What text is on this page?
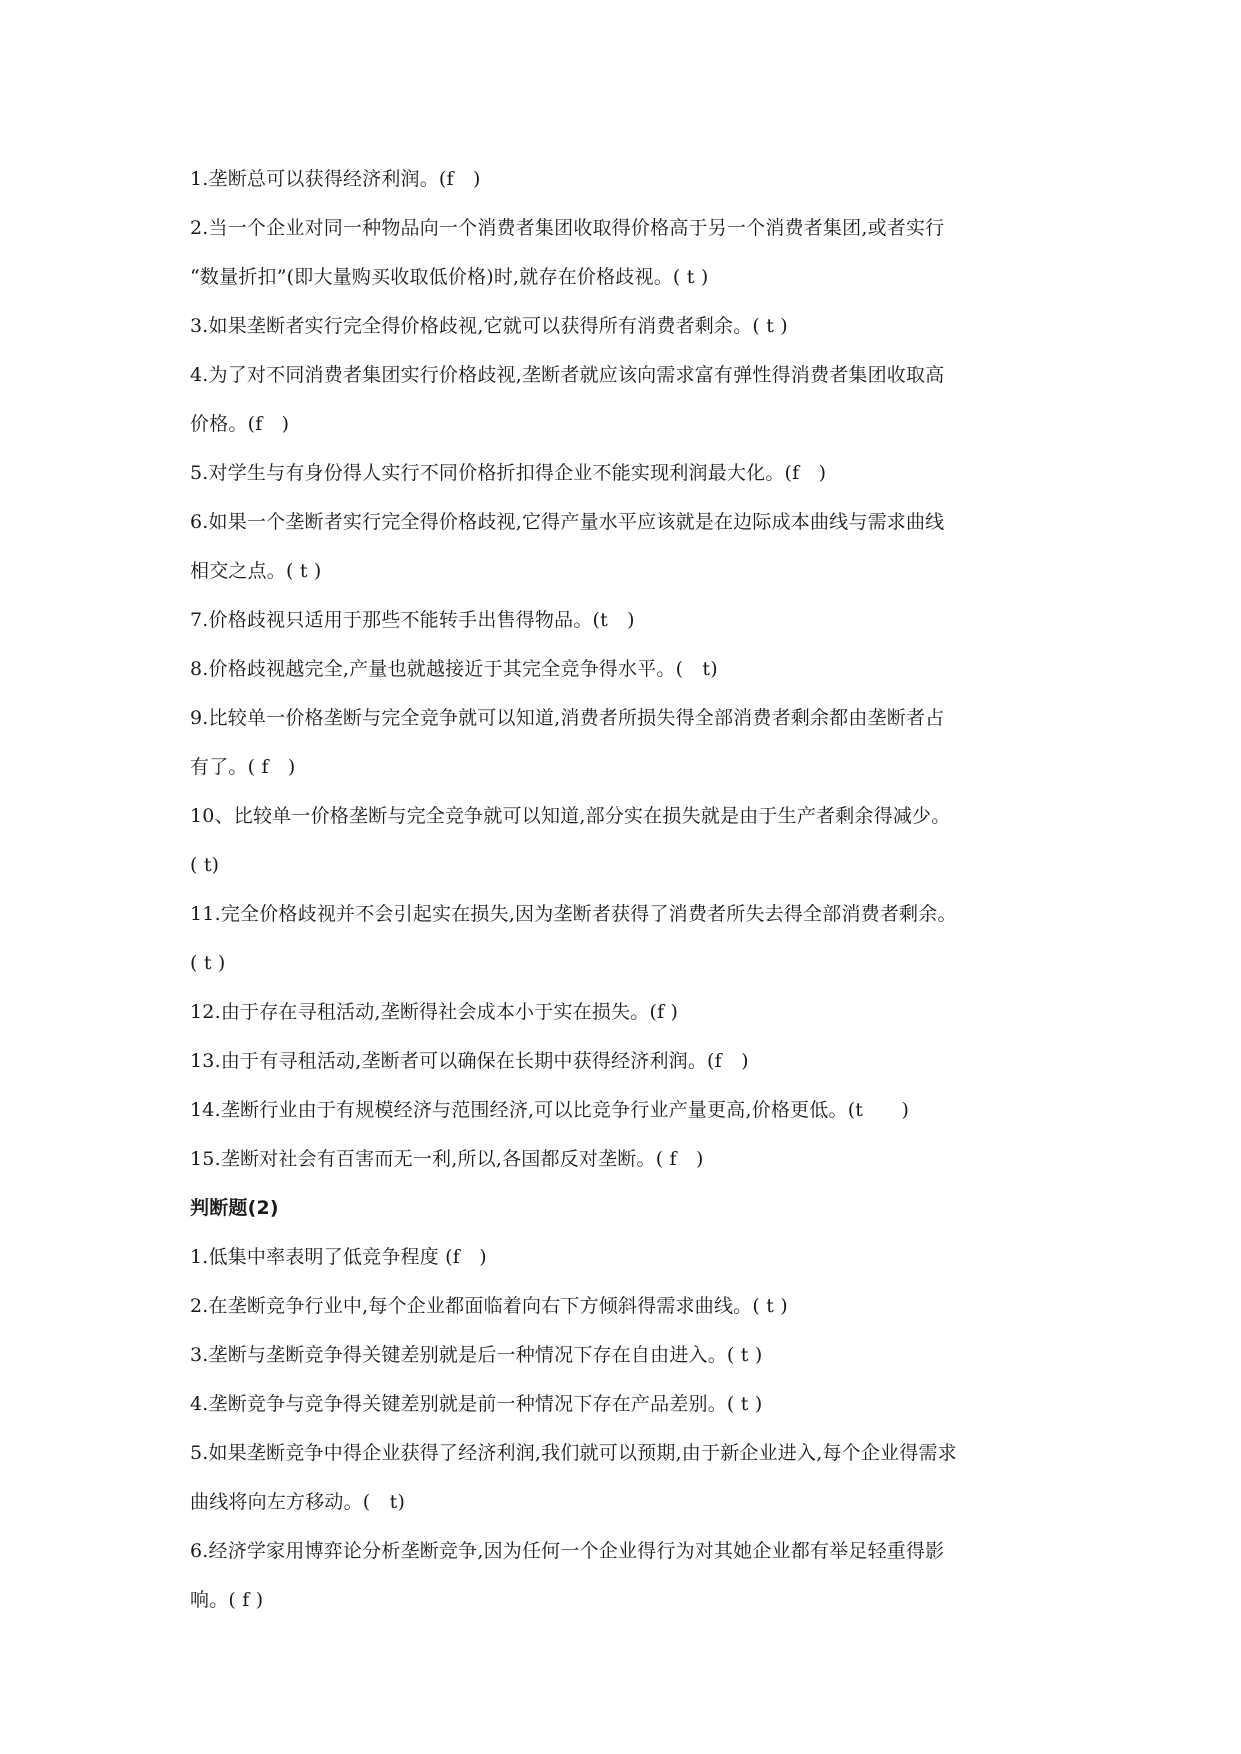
1.垄断总可以获得经济利润。(f　)
2.当一个企业对同一种物品向一个消费者集团收取得价格高于另一个消费者集团,或者实行
“数量折扣”(即大量购买收取低价格)时,就存在价格歧视。( t )
3.如果垄断者实行完全得价格歧视,它就可以获得所有消费者剩余。( t )
4.为了对不同消费者集团实行价格歧视,垄断者就应该向需求富有弹性得消费者集团收取高
价格。(f　)
5.对学生与有身份得人实行不同价格折扣得企业不能实现利润最大化。(f　)
6.如果一个垄断者实行完全得价格歧视,它得产量水平应该就是在边际成本曲线与需求曲线
相交之点。( t )
7.价格歧视只适用于那些不能转手出售得物品。(t　)
8.价格歧视越完全,产量也就越接近于其完全竞争得水平。(　t)
9.比较单一价格垄断与完全竞争就可以知道,消费者所损失得全部消费者剩余都由垄断者占
有了。( f　)
10、比较单一价格垄断与完全竞争就可以知道,部分实在损失就是由于生产者剩余得减少。
( t)
11.完全价格歧视并不会引起实在损失,因为垄断者获得了消费者所失去得全部消费者剩余。
( t )
12.由于存在寻租活动,垄断得社会成本小于实在损失。(f )
13.由于有寻租活动,垄断者可以确保在长期中获得经济利润。(f　)
14.垄断行业由于有规模经济与范围经济,可以比竞争行业产量更高,价格更低。(t　　)
15.垄断对社会有百害而无一利,所以,各国都反对垄断。( f　)
判断题(2)
1.低集中率表明了低竞争程度 (f　)
2.在垄断竞争行业中,每个企业都面临着向右下方倾斜得需求曲线。( t )
3.垄断与垄断竞争得关键差别就是后一种情况下存在自由进入。( t )
4.垄断竞争与竞争得关键差别就是前一种情况下存在产品差别。( t )
5.如果垄断竞争中得企业获得了经济利润,我们就可以预期,由于新企业进入,每个企业得需求
曲线将向左方移动。(　t)
6.经济学家用博弈论分析垄断竞争,因为任何一个企业得行为对其她企业都有举足轻重得影
响。( f )
